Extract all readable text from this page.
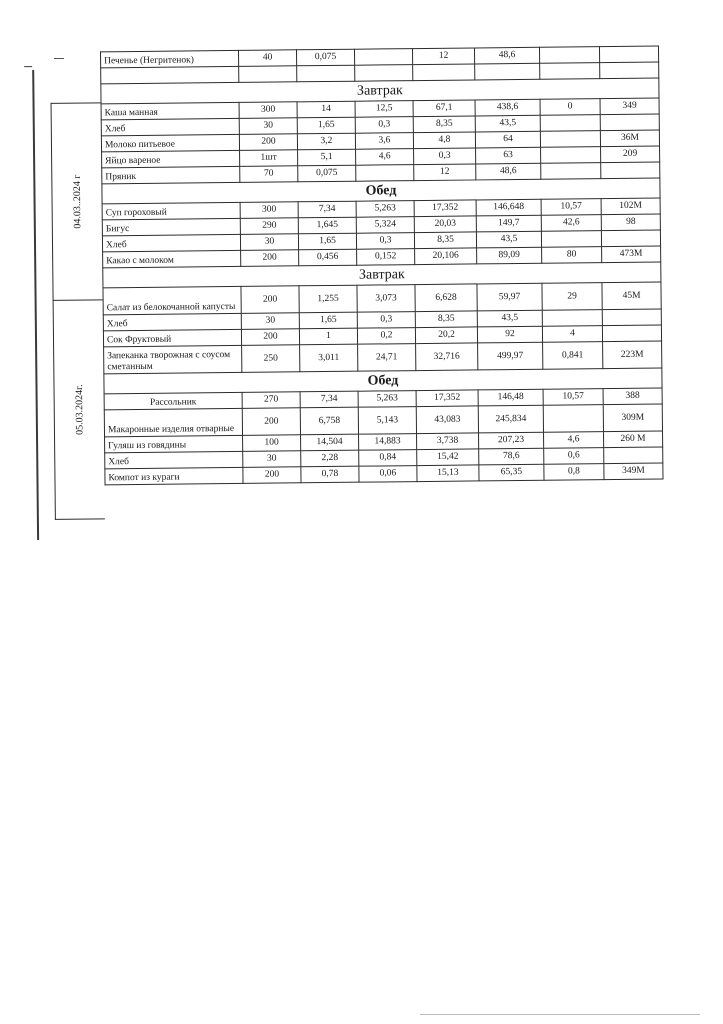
04.03..2024 г
05.03.2024г.
Печенье (Негритенок)	40	0,075		12	48,6		

Завтрак							
Каша манная	300	14	12,5	67,1	438,6	0	349
Хлеб	30	1,65	0,3	8,35	43,5		
Молоко питьевое	200	3,2	3,6	4,8	64		36М
Яйцо вареное	1шт	5,1	4,6	0,3	63		209
Пряник	70	0,075		12	48,6		
Обед							
Суп гороховый	300	7,34	5,263	17,352	146,648	10,57	102М
Бигус	290	1,645	5,324	20,03	149,7	42,6	98
Хлеб	30	1,65	0,3	8,35	43,5		
Какао с молоком	200	0,456	0,152	20,106	89,09	80	473М
Завтрак							
Салат из белокочанной капусты	200	1,255	3,073	6,628	59,97	29	45М
Хлеб	30	1,65	0,3	8,35	43,5		
Сок Фруктовый	200	1	0,2	20,2	92	4	
Запеканка творожная с соусом сметанным	250	3,011	24,71	32,716	499,97	0,841	223М
Обед							
Рассольник	270	7,34	5,263	17,352	146,48	10,57	388
Макаронные изделия отварные	200	6,758	5,143	43,083	245,834		309М
Гуляш из говядины	100	14,504	14,883	3,738	207,23	4,6	260 М
Хлеб	30	2,28	0,84	15,42	78,6	0,6	
Компот из кураги	200	0,78	0,06	15,13	65,35	0,8	349М
